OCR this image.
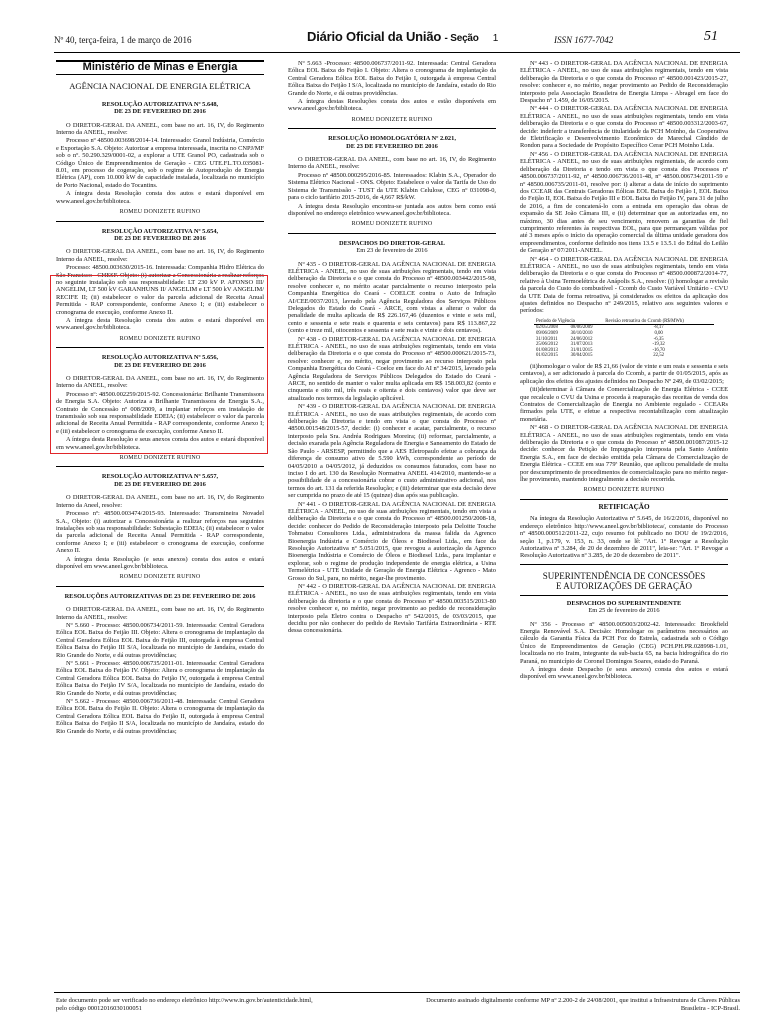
Nº 40, terça-feira, 1 de março de 2016	Diário Oficial da União - Seção 1	ISSN 1677-7042	51
Ministério de Minas e Energia
AGÊNCIA NACIONAL DE ENERGIA ELÉTRICA
RESOLUÇÃO AUTORIZATIVA Nº 5.648,
DE 23 DE FEVEREIRO DE 2016
O DIRETOR-GERAL DA ANEEL, com base no art. 16, IV, do Regimento Interno da ANEEL, resolve:
Processo nº 48500.003698/2014-14. Interessado: Granol Indústria, Comércio e Exportação S.A. Objeto: Autorizar a empresa interessada, inscrita no CNPJ/MF sob o nº. 50.290.329/0001-02, a explorar a UTE Granol PO, cadastrada sob o Código Único de Empreendimentos de Geração - CEG UTE.FL.TO.035081-8.01, em processo de cogeração, sob o regime de Autoprodução de Energia Elétrica (AP), com 10.000 kW de capacidade instalada, localizada no município de Porto Nacional, estado do Tocantins.
A íntegra desta Resolução consta dos autos e estará disponível em www.aneel.gov.br/biblioteca.
ROMEU DONIZETE RUFINO
RESOLUÇÃO AUTORIZATIVA Nº 5.654,
DE 23 DE FEVEREIRO DE 2016
O DIRETOR-GERAL DA ANEEL, com base no art. 16, IV, do Regimento Interno da ANEEL, resolve:
Processo: 48500.003630/2015-16. Interessada: Companhia Hidro Elétrica do São Francisco - CHESF. Objeto: (i) autorizar a Concessionária a realizar reforços no seguinte instalação sob sua responsabilidade: LT 230 kV P. AFONSO III/ ANGELIM, LT 500 kV GARANHUNS II/ ANGELIM e LT 500 kV ANGELIM/ RECIFE II; (ii) estabelecer o valor da parcela adicional de Receita Anual Permitida - RAP correspondente, conforme Anexo I; e (iii) estabelecer o cronograma de execução, conforme Anexo II.
A íntegra desta Resolução consta dos autos e estará disponível em www.aneel.gov.br/biblioteca.
ROMEU DONIZETE RUFINO
RESOLUÇÃO AUTORIZATIVA Nº 5.656,
DE 23 DE FEVEREIRO DE 2016
O DIRETOR-GERAL DA ANEEL, com base no art. 16, IV, do Regimento Interno da ANEEL, resolve:
Processo nº: 48500.002259/2015-92. Concessionária: Brilhante Transmissora de Energia S.A. Objeto: Autoriza a Brilhante Transmissora de Energia S.A., Contrato de Concessão nº 008/2009, a implantar reforços em instalação de transmissão sob sua responsabilidade EDEIA; (ii) estabelecer o valor da parcela adicional de Receita Anual Permitida - RAP correspondente, conforme Anexo I; e (iii) estabelecer o cronograma de execução, conforme Anexo II.
A íntegra desta Resolução e seus anexos consta dos autos e estará disponível em www.aneel.gov.br/biblioteca.
ROMEU DONIZETE RUFINO
RESOLUÇÃO AUTORIZATIVA Nº 5.657,
DE 23 DE FEVEREIRO DE 2016
O DIRETOR-GERAL DA ANEEL, com base no art. 16, IV, do Regimento Interno da Aneel, resolve:
Processo nº: 48500.003474/2015-93. Interessado: Transmineira Novadel S.A., Objeto: (i) autorizar a Concessionária a realizar reforços nas seguintes instalações sob sua responsabilidade: Subestação EDEIA; (ii) estabelecer o valor da parcela adicional de Receita Anual Permitida - RAP correspondente, conforme Anexo I; e (iii) estabelecer o cronograma de execução, conforme Anexo II.
A íntegra desta Resolução (e seus anexos) consta dos autos e estará disponível em www.aneel.gov.br/biblioteca.
ROMEU DONIZETE RUFINO
RESOLUÇÕES AUTORIZATIVAS DE 23 DE FEVEREIRO DE 2016
O DIRETOR-GERAL DA ANEEL, com base no art. 16, IV, do Regimento Interno da ANEEL, resolve:
Nº 5.660 - Processo: 48500.006734/2011-59. Interessada: Central Geradora Eólica EOL Baixa do Feijão III. Objeto: Altera o cronograma de implantação da Central Geradora Eólica EOL Baixa do Feijão III, outorgada à empresa Central Eólica Baixa do Feijão III S/A, localizada no município de Jandaíra, estado do Rio Grande do Norte, e dá outras providências;
Nº 5.661 - Processo: 48500.006735/2011-01. Interessada: Central Geradora Eólica EOL Baixa do Feijão IV. Objeto: Altera o cronograma de implantação da Central Geradora Eólica EOL Baixa do Feijão IV, outorgada à empresa Central Eólica Baixa do Feijão IV S/A, localizada no município de Jandaíra, estado do Rio Grande do Norte, e dá outras providências;
Nº 5.662 - Processo: 48500.006736/2011-48. Interessada: Central Geradora Eólica EOL Baixa do Feijão II. Objeto: Altera o cronograma de implantação da Central Geradora Eólica EOL Baixa do Feijão II, outorgada à empresa Central Eólica Baixa do Feijão II S/A, localizada no município de Jandaíra, estado do Rio Grande do Norte, e dá outras providências;
Nº 5.663 -Processo: 48500.006737/2011-92. Interessada: Central Geradora Eólica EOL Baixa do Feijão I. Objeto: Altera o cronograma de implantação da Central Geradora Eólica EOL Baixa do Feijão I, outorgada à empresa Central Eólica Baixa do Feijão I S/A, localizada no município de Jandaíra, estado do Rio Grande do Norte, e dá outras providências.
A íntegra destas Resoluções consta dos autos e estão disponíveis em www.aneel.gov.br/biblioteca.
ROMEU DONIZETE RUFINO
RESOLUÇÃO HOMOLOGATÓRIA Nº 2.021,
DE 23 DE FEVEREIRO DE 2016
O DIRETOR-GERAL DA ANEEL, com base no art. 16, IV, do Regimento Interno da ANEEL, resolve:
Processo nº 48500.000295/2016-85. Interessados: Klabin S.A., Operador do Sistema Elétrico Nacional - ONS. Objeto: Estabelece o valor da Tarifa de Uso do Sistema de Transmissão - TUST da UTE Klabin Celulose, CEG nº 031098-0, para o ciclo tarifário 2015-2016, de 4,667 R$/kW.
A íntegra desta Resolução encontra-se juntada aos autos bem como está disponível no endereço eletrônico www.aneel.gov.br/biblioteca.
ROMEU DONIZETE RUFINO
DESPACHOS DO DIRETOR-GERAL
Em 23 de fevereiro de 2016
Nº 435 - O DIRETOR-GERAL DA AGÊNCIA NACIONAL DE ENERGIA ELÉTRICA - ANEEL, no uso de suas atribuições regimentais, tendo em vista deliberação da Diretoria e o que consta do Processo nº 48500.003442/2015-98, resolve conhecer e, no mérito acatar parcialmente o recurso interposto pela Companhia Energética do Ceará - COELCE contra o Auto de Infração AI/CEE/0037/2013, lavrado pela Agência Reguladora dos Serviços Públicos Delegados do Estado do Ceará - ARCE, com vistas a alterar o valor da penalidade de multa aplicada de R$ 226.167,46 (duzentos e vinte e seis mil, cento e sessenta e sete reais e quarenta e seis centavos) para R$ 113.867,22 (cento e treze mil, oitocentos e sessenta e sete reais e vinte e dois centavos).
Nº 438 - O DIRETOR-GERAL DA AGÊNCIA NACIONAL DE ENERGIA ELÉTRICA - ANEEL, no uso de suas atribuições regimentais, tendo em vista deliberação da Diretoria e o que consta do Processo nº 48500.000621/2015-73, resolve: conhecer e, no mérito, negar provimento ao recurso interposto pela Companhia Energética do Ceará - Coelce em face do AI nº 34/2015, lavrado pela Agência Reguladora de Serviços Públicos Delegados do Estado do Ceará - ARCE, no sentido de manter o valor multa aplicada em R$ 158.003,82 (cento e cinquenta e oito mil, três reais e oitenta e dois centavos) valor que deve ser atualizado nos termos da legislação aplicável.
Nº 439 - O DIRETOR-GERAL DA AGÊNCIA NACIONAL DE ENERGIA ELÉTRICA - ANEEL, no uso de suas atribuições regimentais, de acordo com deliberação da Diretoria e tendo em vista o que consta do Processo nº 48500.001548/2015-57, decide: (i) conhecer e acatar, parcialmente, o recurso interposto pela Sra. Andréa Rodrigues Moreira; (ii) reformar, parcialmente, a decisão exarada pela Agência Reguladora de Energia e Saneamento do Estado de São Paulo - ARSESP, permitindo que a AES Eletropaulo efetue a cobrança da diferença de consumo ativo de 5.590 kWh, correspondente ao período de 04/05/2010 a 04/05/2012, já deduzidos os consumos faturados, com base no inciso I do art. 130 da Resolução Normativa ANEEL 414/2010, mantendo-se a possibilidade de a concessionária cobrar o custo administrativo adicional, nos termos do art. 131 da referida Resolução; e (iii) determinar que esta decisão deve ser cumprida no prazo de até 15 (quinze) dias após sua publicação.
Nº 441 - O DIRETOR-GERAL DA AGÊNCIA NACIONAL DE ENERGIA ELÉTRICA - ANEEL, no uso de suas atribuições regimentais, tendo em vista a deliberação da Diretoria e o que consta do Processo nº 48500.001250/2008-18, decide: conhecer do Pedido de Reconsideração interposto pela Deloitte Touche Tohmatsu Consultores Ltda., administradora da massa falida da Agrenco Bioenergia Indústria e Comércio de Óleos e Biodiesel Ltda., em face da Resolução Autorizativa nº 5.051/2015, que revogou a autorização da Agrenco Bioenergia Indústria e Comércio de Óleos e Biodiesel Ltda., para implantar e explorar, sob o regime de produção independente de energia elétrica, a Usina Termelétrica - UTE Unidade de Geração de Energia Elétrica - Agrenco - Mato Grosso do Sul, para, no mérito, negar-lhe provimento.
Nº 442 - O DIRETOR-GERAL DA AGÊNCIA NACIONAL DE ENERGIA ELÉTRICA - ANEEL, no uso de suas atribuições regimentais, tendo em vista deliberação da diretoria e o que consta do Processo nº 48500.003515/2013-80 resolve conhecer e, no mérito, negar provimento ao pedido de reconsideração interposto pela Eletro contra o Despacho nº 542/2015, de 03/03/2015, que decidiu por não conhecer do pedido de Revisão Tarifária Extraordinária - RTE dessa concessionária.
Nº 443 - O DIRETOR-GERAL DA AGÊNCIA NACIONAL DE ENERGIA ELÉTRICA - ANEEL, no uso de suas atribuições regimentais, tendo em vista deliberação da Diretoria e o que consta do Processo nº 48500.001423/2015-27, resolve: conhecer e, no mérito, negar provimento ao Pedido de Reconsideração interposto pela Associação Brasileira de Energia Limpa - Abragel em face do Despacho nº 1.459, de 16/05/2015.
Nº 444 - O DIRETOR-GERAL DA AGÊNCIA NACIONAL DE ENERGIA ELÉTRICA - ANEEL, no uso de suas atribuições regimentais, tendo em vista deliberação da Diretoria e o que consta do Processo nº 48500.003312/2003-67, decide: indeferir a transferência de titularidade da PCH Moinho, da Cooperativa de Eletrificação e Desenvolvimento Econômico de Marechal Cândido de Rondon para a Sociedade de Propósito Específico Cerar PCH Moinho Ltda.
Nº 456 - O DIRETOR-GERAL DA AGÊNCIA NACIONAL DE ENERGIA ELÉTRICA - ANEEL, no uso de suas atribuições regimentais, de acordo com deliberação da Diretoria e tendo em vista o que consta dos Processos nº 48500.006737/2011-92, nº 48500.006736/2011-48, nº 48500.006734/2011-59 e nº 48500.006735/2011-01, resolve por: i) alterar a data de início do suprimento dos CCEAR das Centrais Geradoras Eólicas EOL Baixa do Feijão I, EOL Baixa do Feijão II, EOL Baixa do Feijão III e EOL Baixa do Feijão IV, para 31 de julho de 2016, a fim de concatená-lo com a entrada em operação das obras de expansão da SE João Câmara III, e (ii) determinar que as autorizadas em, no máximo, 30 dias antes de seu vencimento, renovem as garantias de fiel cumprimento referentes às respectivas EOL, para que permaneçam válidas por até 3 meses após o início da operação comercial da última unidade geradora dos empreendimentos, conforme definido nos itens 13.5 e 13.5.1 do Edital do Leilão de Geração nº 07/2011-ANEEL.
Nº 464 - O DIRETOR-GERAL DA AGÊNCIA NACIONAL DE ENERGIA ELÉTRICA - ANEEL, no uso de suas atribuições regimentais, tendo em vista deliberação da Diretoria e o que consta do Processo nº 48500.000872/2014-77, relativo à Usina Termoelétrica de Anápolis S.A., resolve: (i) homologar a revisão da parcela do Custo do combustível - Ccomb do Custo Variável Unitário - CVU da UTE Daia de forma retroativa, já considerados os efeitos da aplicação dos ajustes definidos no Despacho nº 249/2015, relativo aos seguintes valores e períodos:
Período de Vigência		Revisão retroativa do Ccomb (R$/MWh)
02/05/2008	08/06/2009	-8,17
09/06/2009	30/10/2010	0,00
31/10/2011	24/06/2012	-6,35
25/06/2012	31/07/2013	-19,32
01/08/2013	31/01/2015	-16,70
01/02/2015	30/04/2015	22,52
(ii)homologar o valor de R$ 21,66 (valor de vinte e um reais e sessenta e seis centavos), a ser adicionado à parcela do Ccomb, a partir de 01/05/2015, após as aplicação dos efeitos dos ajustes definidos no Despacho Nº 249, de 03/02/2015;
(iii)determinar à Câmara de Comercialização de Energia Elétrica - CCEE que recalcule o CVU da Usina e proceda à reapuração das receitas de venda dos Contratos de Comercialização de Energia no Ambiente regulado - CCEARs firmados pela UTE, e efetue a respectiva recontabilização com atualização monetária.
Nº 468 - O DIRETOR-GERAL DA AGÊNCIA NACIONAL DE ENERGIA ELÉTRICA - ANEEL, no uso de suas atribuições regimentais, tendo em vista deliberação da Diretoria e o que consta do Processo nº 48500.001087/2015-12 decide: conhecer da Petição de Impugnação interposta pela Santo Antônio Energia S.A., em face de decisão emitida pela Câmara de Comercialização de Energia Elétrica - CCEE em sua 779ª Reunião, que aplicou penalidade de multa por descumprimento de procedimentos de comercialização para no mérito negar-lhe provimento, mantendo integralmente a decisão recorrida.
ROMEU DONIZETE RUFINO
RETIFICAÇÃO
Na íntegra da Resolução Autorizativa nº 5.645, de 16/2/2016, disponível no endereço eletrônico http://www.aneel.gov.br/biblioteca/, constante do Processo nº 48500.000512/2011-22, cujo resumo foi publicado no DOU de 19/2/2016, seção 1, p.179, v. 153, n. 33, onde se lê: "Art. 1º Revogar a Resolução Autorizativa nº 3.284, de 20 de dezembro de 2011", leia-se: "Art. 1º Revogar a Resolução Autorizativa nº 3.285, de 20 de dezembro de 2011".
SUPERINTENDÊNCIA DE CONCESSÕES
E AUTORIZAÇÕES DE GERAÇÃO
DESPACHOS DO SUPERINTENDENTE
Em 25 de fevereiro de 2016
Nº 356 - Processo nº 48500.005003/2002-42. Interessado: Brookfield Energia Renovável S.A. Decisão: Homologar os parâmetros necessários ao cálculo da Garantia Física da PCH Foz do Estrela, cadastrada sob o Código Único de Empreendimentos de Geração (CEG) PCH.PH.PR.028998-1.01, localizada no rio Iraim, integrante da sub-bacia 65, na bacia hidrográfica do rio Paraná, no município de Coronel Domingos Soares, estado do Paraná.
A íntegra deste Despacho (e seus anexos) consta dos autos e estará disponível em www.aneel.gov.br/biblioteca.
Este documento pode ser verificado no endereço eletrônico http://www.in.gov.br/autenticidade.html, pelo código 00012016030100051
Documento assinado digitalmente conforme MP nº 2.200-2 de 24/08/2001, que institui a Infraestrutura de Chaves Públicas Brasileira - ICP-Brasil.
